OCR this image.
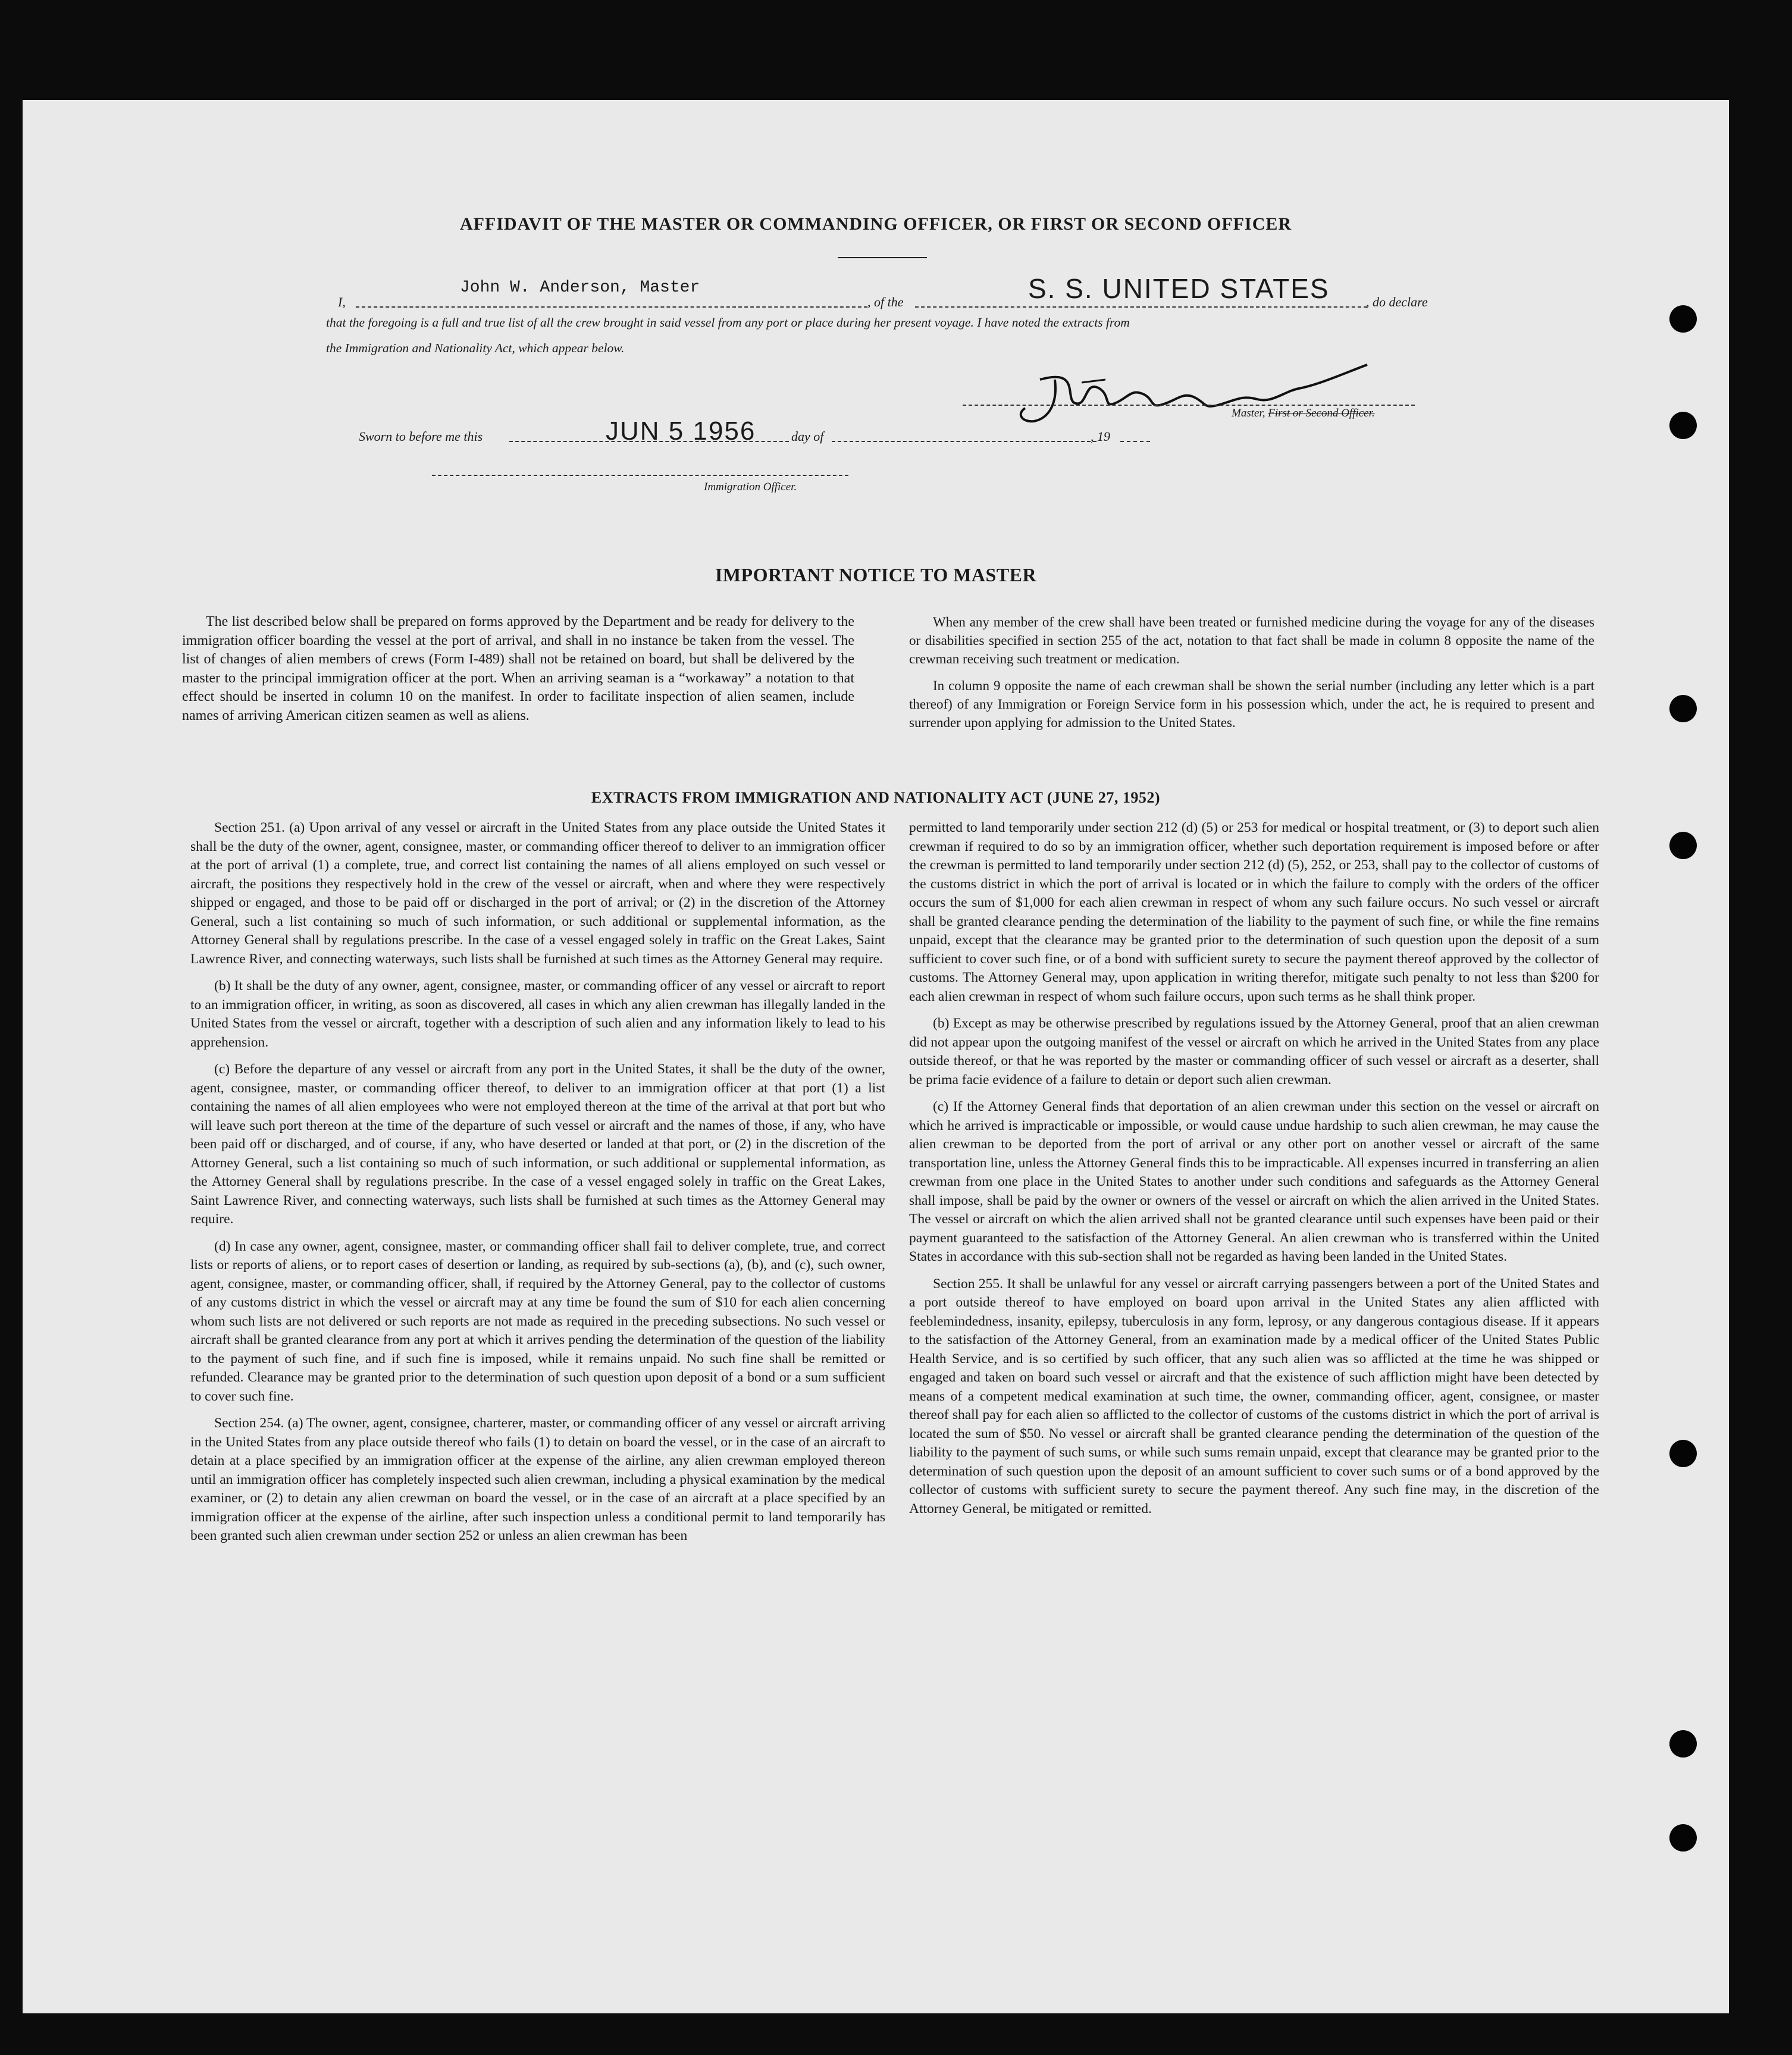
AFFIDAVIT OF THE MASTER OR COMMANDING OFFICER, OR FIRST OR SECOND OFFICER
I,
John W. Anderson, Master
, of the	S. S. UNITED STATES	, do declare
that the foregoing is a full and true list of all the crew brought in said vessel from any port or place during her present voyage. I have noted the extracts from
the Immigration and Nationality Act, which appear below.
Master, First or Second Officer.
Sworn to before me this	JUN 5 1956	day of	, 19
Immigration Officer.
IMPORTANT NOTICE TO MASTER

The list described below shall be prepared on forms approved by the Department and be ready for delivery to the immigration officer boarding the vessel at the port of arrival, and shall in no instance be taken from the vessel. The list of changes of alien members of crews (Form I-489) shall not be retained on board, but shall be delivered by the master to the principal immigration officer at the port. When an arriving seaman is a “workaway” a notation to that effect should be inserted in column 10 on the manifest. In order to facilitate inspection of alien seamen, include names of arriving American citizen seamen as well as aliens.

When any member of the crew shall have been treated or furnished medicine during the voyage for any of the diseases or disabilities specified in section 255 of the act, notation to that fact shall be made in column 8 opposite the name of the crewman receiving such treatment or medication.

In column 9 opposite the name of each crewman shall be shown the serial number (including any letter which is a part thereof) of any Immigration or Foreign Service form in his possession which, under the act, he is required to present and surrender upon applying for admission to the United States.

EXTRACTS FROM IMMIGRATION AND NATIONALITY ACT (JUNE 27, 1952)

Section 251. (a) Upon arrival of any vessel or aircraft in the United States from any place outside the United States it shall be the duty of the owner, agent, consignee, master, or commanding officer thereof to deliver to an immigration officer at the port of arrival (1) a complete, true, and correct list containing the names of all aliens employed on such vessel or aircraft, the positions they respectively hold in the crew of the vessel or aircraft, when and where they were respectively shipped or engaged, and those to be paid off or discharged in the port of arrival; or (2) in the discretion of the Attorney General, such a list containing so much of such information, or such additional or supplemental information, as the Attorney General shall by regulations prescribe. In the case of a vessel engaged solely in traffic on the Great Lakes, Saint Lawrence River, and connecting waterways, such lists shall be furnished at such times as the Attorney General may require.

(b) It shall be the duty of any owner, agent, consignee, master, or commanding officer of any vessel or aircraft to report to an immigration officer, in writing, as soon as discovered, all cases in which any alien crewman has illegally landed in the United States from the vessel or aircraft, together with a description of such alien and any information likely to lead to his apprehension.

(c) Before the departure of any vessel or aircraft from any port in the United States, it shall be the duty of the owner, agent, consignee, master, or commanding officer thereof, to deliver to an immigration officer at that port (1) a list containing the names of all alien employees who were not employed thereon at the time of the arrival at that port but who will leave such port thereon at the time of the departure of such vessel or aircraft and the names of those, if any, who have been paid off or discharged, and of course, if any, who have deserted or landed at that port, or (2) in the discretion of the Attorney General, such a list containing so much of such information, or such additional or supplemental information, as the Attorney General shall by regulations prescribe. In the case of a vessel engaged solely in traffic on the Great Lakes, Saint Lawrence River, and connecting waterways, such lists shall be furnished at such times as the Attorney General may require.

(d) In case any owner, agent, consignee, master, or commanding officer shall fail to deliver complete, true, and correct lists or reports of aliens, or to report cases of desertion or landing, as required by sub-sections (a), (b), and (c), such owner, agent, consignee, master, or commanding officer, shall, if required by the Attorney General, pay to the collector of customs of any customs district in which the vessel or aircraft may at any time be found the sum of $10 for each alien concerning whom such lists are not delivered or such reports are not made as required in the preceding subsections. No such vessel or aircraft shall be granted clearance from any port at which it arrives pending the determination of the question of the liability to the payment of such fine, and if such fine is imposed, while it remains unpaid. No such fine shall be remitted or refunded. Clearance may be granted prior to the determination of such question upon deposit of a bond or a sum sufficient to cover such fine.

Section 254. (a) The owner, agent, consignee, charterer, master, or commanding officer of any vessel or aircraft arriving in the United States from any place outside thereof who fails (1) to detain on board the vessel, or in the case of an aircraft to detain at a place specified by an immigration officer at the expense of the airline, any alien crewman employed thereon until an immigration officer has completely inspected such alien crewman, including a physical examination by the medical examiner, or (2) to detain any alien crewman on board the vessel, or in the case of an aircraft at a place specified by an immigration officer at the expense of the airline, after such inspection unless a conditional permit to land temporarily has been granted such alien crewman under section 252 or unless an alien crewman has been

permitted to land temporarily under section 212 (d) (5) or 253 for medical or hospital treatment, or (3) to deport such alien crewman if required to do so by an immigration officer, whether such deportation requirement is imposed before or after the crewman is permitted to land temporarily under section 212 (d) (5), 252, or 253, shall pay to the collector of customs of the customs district in which the port of arrival is located or in which the failure to comply with the orders of the officer occurs the sum of $1,000 for each alien crewman in respect of whom any such failure occurs. No such vessel or aircraft shall be granted clearance pending the determination of the liability to the payment of such fine, or while the fine remains unpaid, except that the clearance may be granted prior to the determination of such question upon the deposit of a sum sufficient to cover such fine, or of a bond with sufficient surety to secure the payment thereof approved by the collector of customs. The Attorney General may, upon application in writing therefor, mitigate such penalty to not less than $200 for each alien crewman in respect of whom such failure occurs, upon such terms as he shall think proper.

(b) Except as may be otherwise prescribed by regulations issued by the Attorney General, proof that an alien crewman did not appear upon the outgoing manifest of the vessel or aircraft on which he arrived in the United States from any place outside thereof, or that he was reported by the master or commanding officer of such vessel or aircraft as a deserter, shall be prima facie evidence of a failure to detain or deport such alien crewman.

(c) If the Attorney General finds that deportation of an alien crewman under this section on the vessel or aircraft on which he arrived is impracticable or impossible, or would cause undue hardship to such alien crewman, he may cause the alien crewman to be deported from the port of arrival or any other port on another vessel or aircraft of the same transportation line, unless the Attorney General finds this to be impracticable. All expenses incurred in transferring an alien crewman from one place in the United States to another under such conditions and safeguards as the Attorney General shall impose, shall be paid by the owner or owners of the vessel or aircraft on which the alien arrived in the United States. The vessel or aircraft on which the alien arrived shall not be granted clearance until such expenses have been paid or their payment guaranteed to the satisfaction of the Attorney General. An alien crewman who is transferred within the United States in accordance with this sub-section shall not be regarded as having been landed in the United States.

Section 255. It shall be unlawful for any vessel or aircraft carrying passengers between a port of the United States and a port outside thereof to have employed on board upon arrival in the United States any alien afflicted with feeblemindedness, insanity, epilepsy, tuberculosis in any form, leprosy, or any dangerous contagious disease. If it appears to the satisfaction of the Attorney General, from an examination made by a medical officer of the United States Public Health Service, and is so certified by such officer, that any such alien was so afflicted at the time he was shipped or engaged and taken on board such vessel or aircraft and that the existence of such affliction might have been detected by means of a competent medical examination at such time, the owner, commanding officer, agent, consignee, or master thereof shall pay for each alien so afflicted to the collector of customs of the customs district in which the port of arrival is located the sum of $50. No vessel or aircraft shall be granted clearance pending the determination of the question of the liability to the payment of such sums, or while such sums remain unpaid, except that clearance may be granted prior to the determination of such question upon the deposit of an amount sufficient to cover such sums or of a bond approved by the collector of customs with sufficient surety to secure the payment thereof. Any such fine may, in the discretion of the Attorney General, be mitigated or remitted.
